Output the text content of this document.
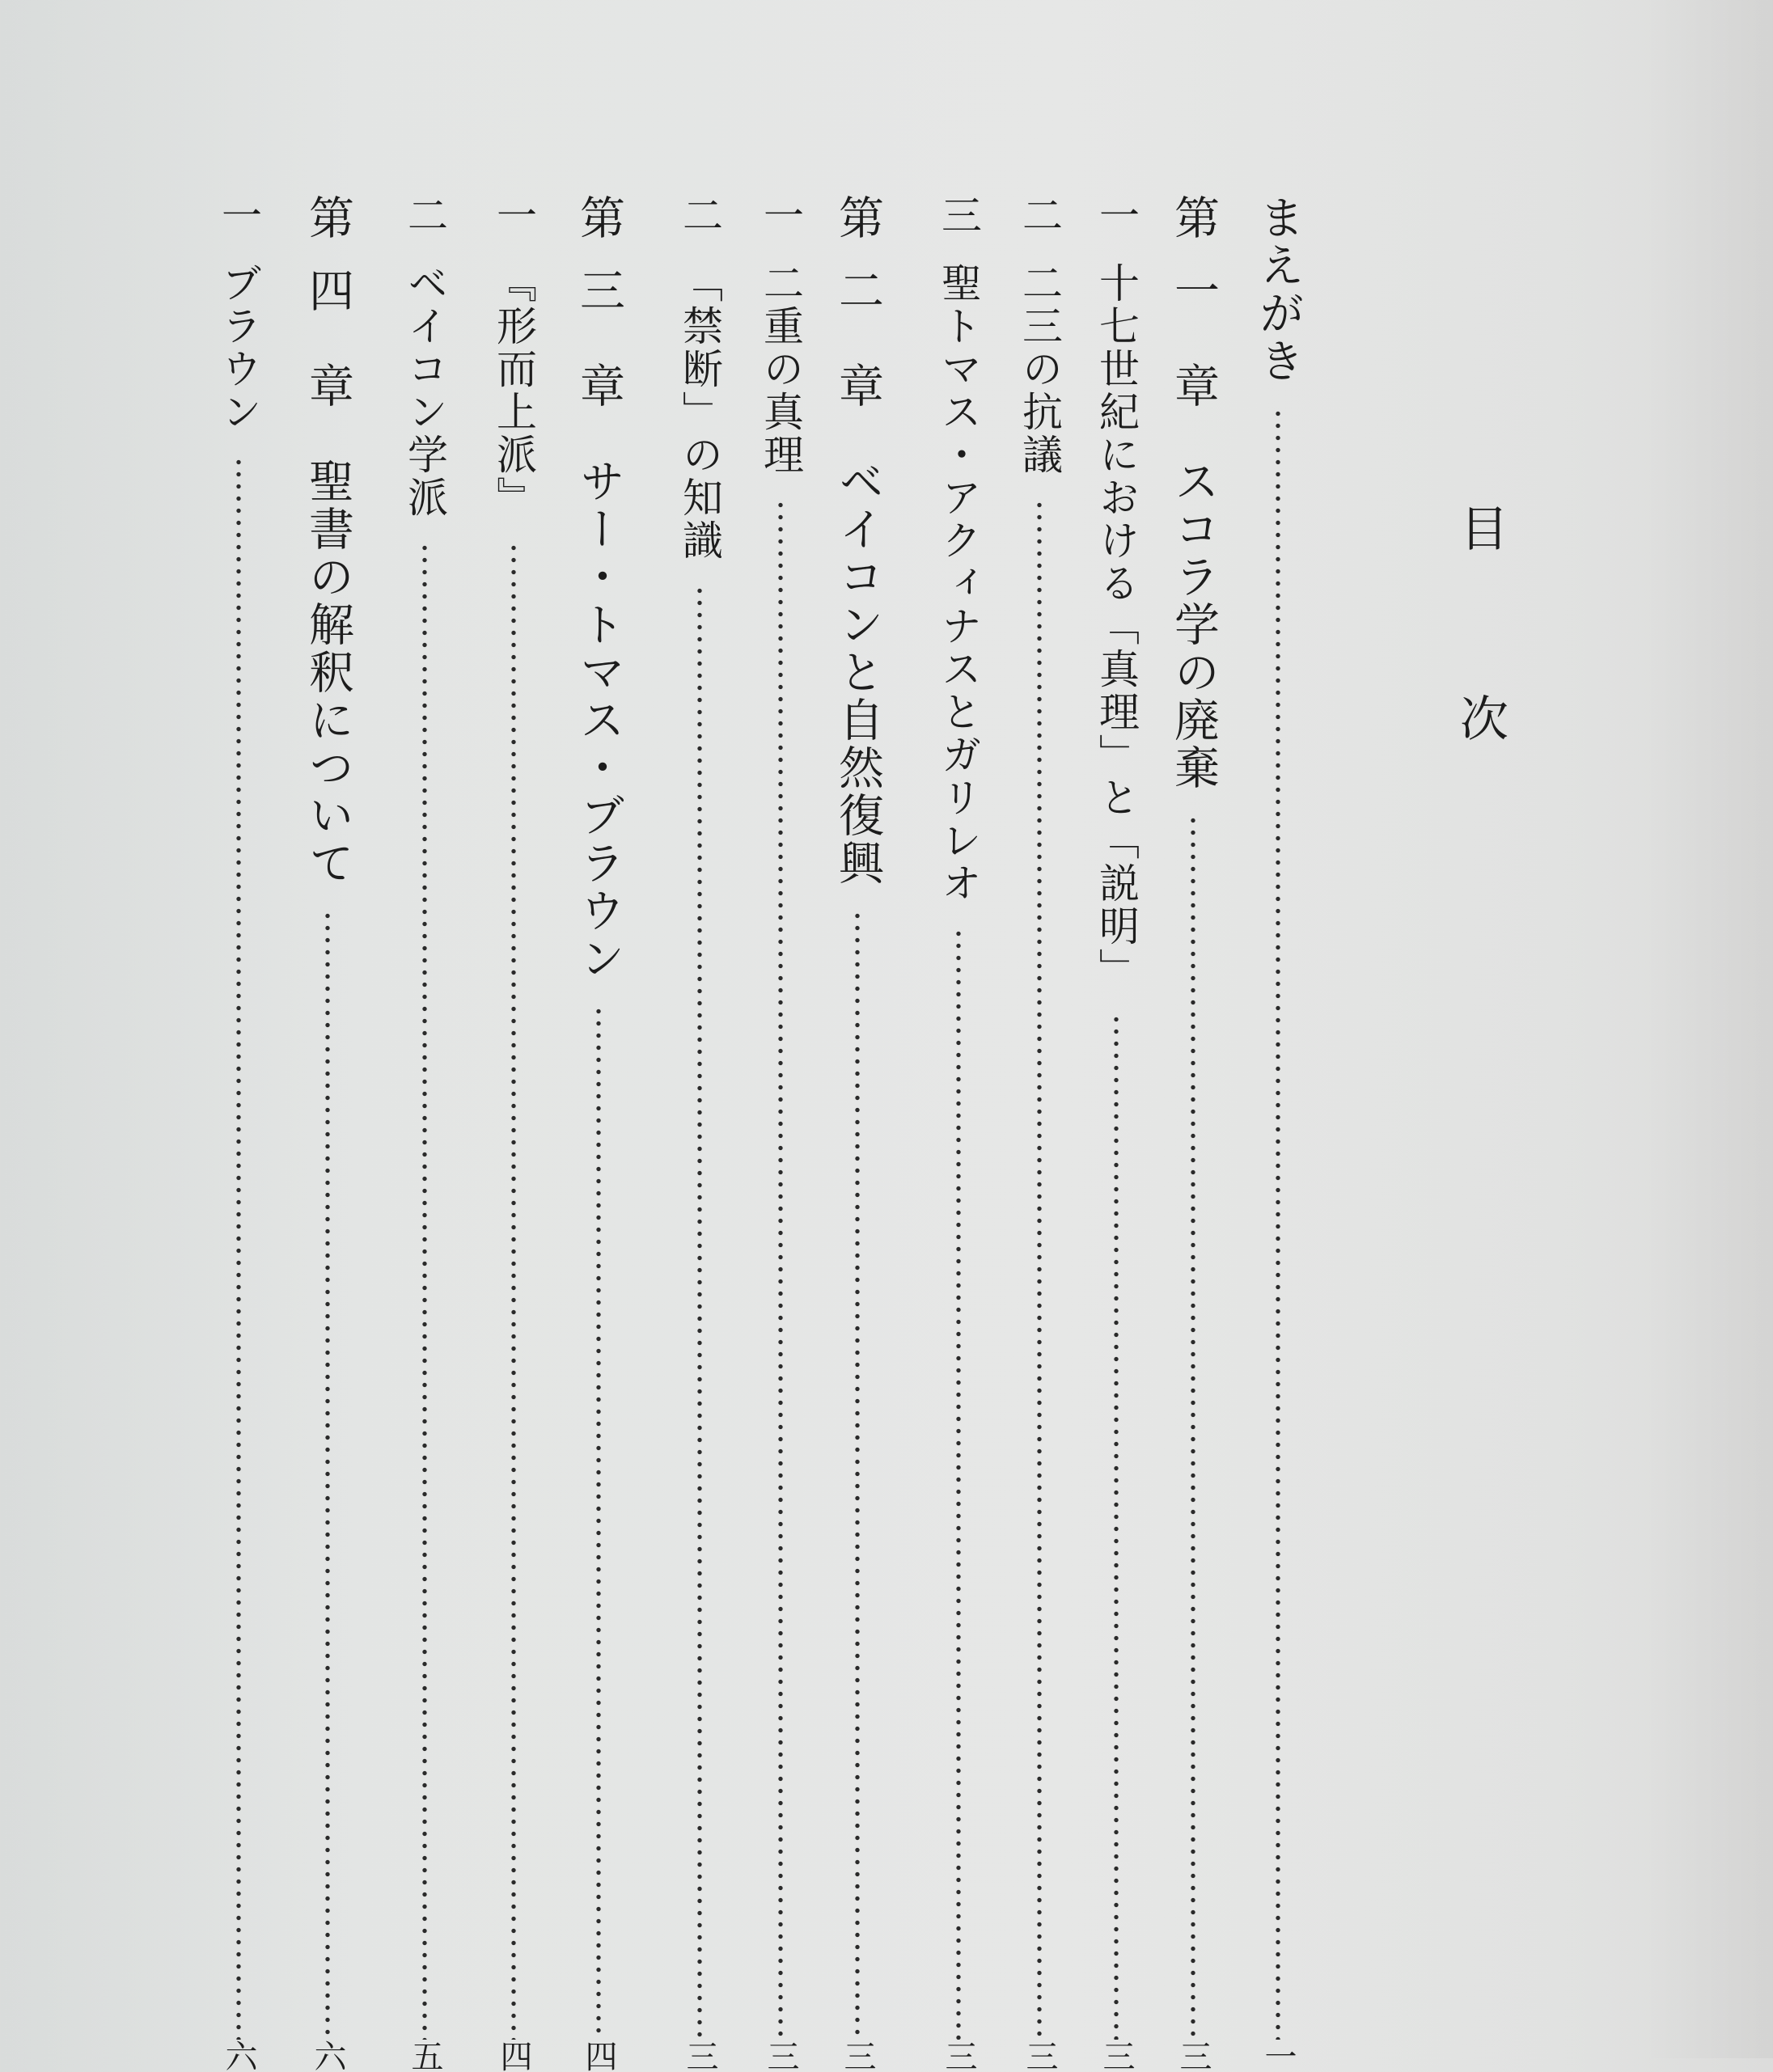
目
次
まえがき
一
第
一　章　スコラ学の廃棄
三
一
十七世紀における「真理」と「説明」
三
二
二三の抗議
三
三
聖トマス・アクィナスとガリレオ
三
第
二　章　ベイコンと自然復興
三
一
二重の真理
三
二
「禁断」の知識
三
第
三　章　サー・トマス・ブラウン
四
一
『形而上派』
四
二
ベイコン学派
五
第
四　章　聖書の解釈について
六
一
ブラウン
六
